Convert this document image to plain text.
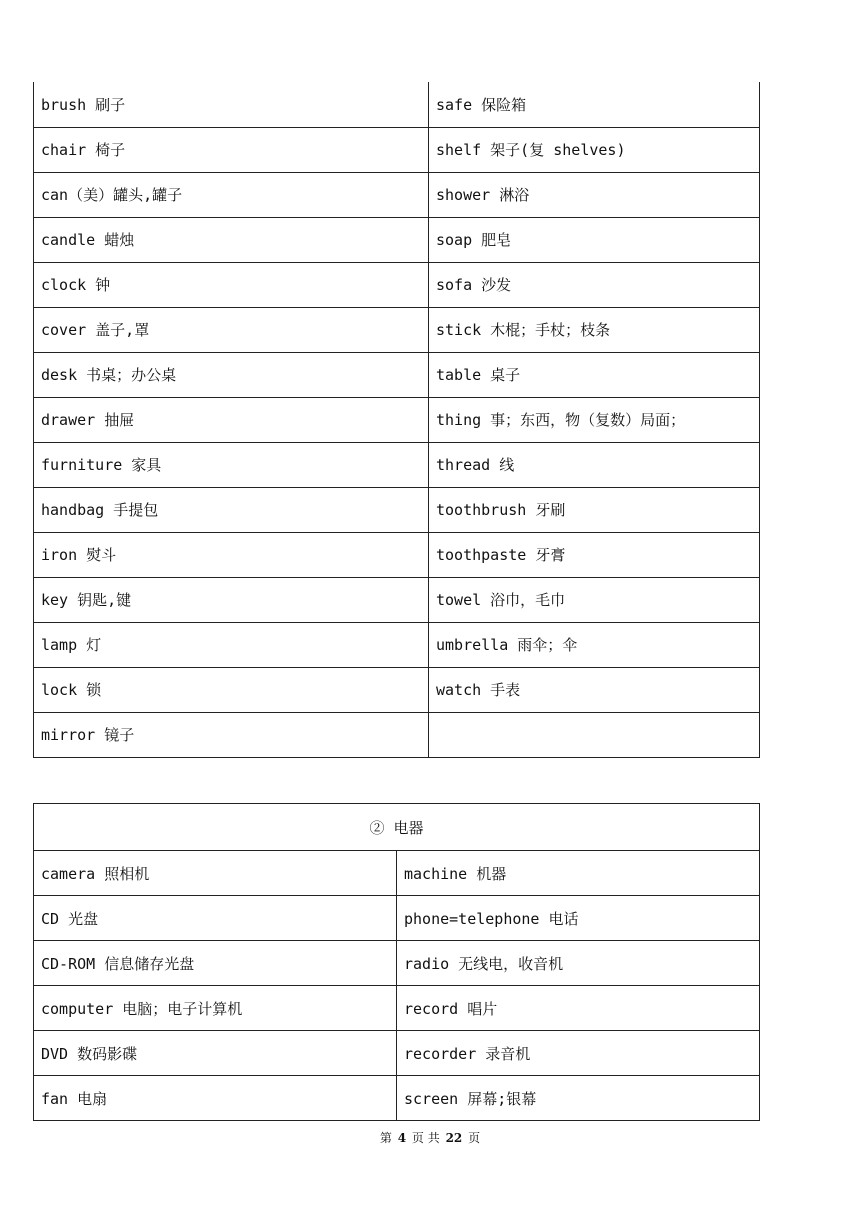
brush 刷子	safe 保险箱
chair 椅子	shelf 架子(复 shelves)
can（美）罐头,罐子	shower 淋浴
candle 蜡烛	soap 肥皂
clock 钟	sofa 沙发
cover 盖子,罩	stick 木棍；手杖；枝条
desk 书桌；办公桌	table 桌子
drawer 抽屉	thing 事；东西，物（复数）局面；
furniture 家具	thread 线
handbag 手提包	toothbrush 牙刷
iron 熨斗	toothpaste 牙膏
key 钥匙,键	towel 浴巾，毛巾
lamp 灯	umbrella 雨伞；伞
lock 锁	watch 手表
mirror 镜子	
② 电器	
camera 照相机	machine 机器
CD 光盘	phone=telephone 电话
CD-ROM 信息储存光盘	radio 无线电，收音机
computer 电脑；电子计算机	record 唱片
DVD 数码影碟	recorder 录音机
fan 电扇	screen 屏幕;银幕
第 4 页 共 22 页
